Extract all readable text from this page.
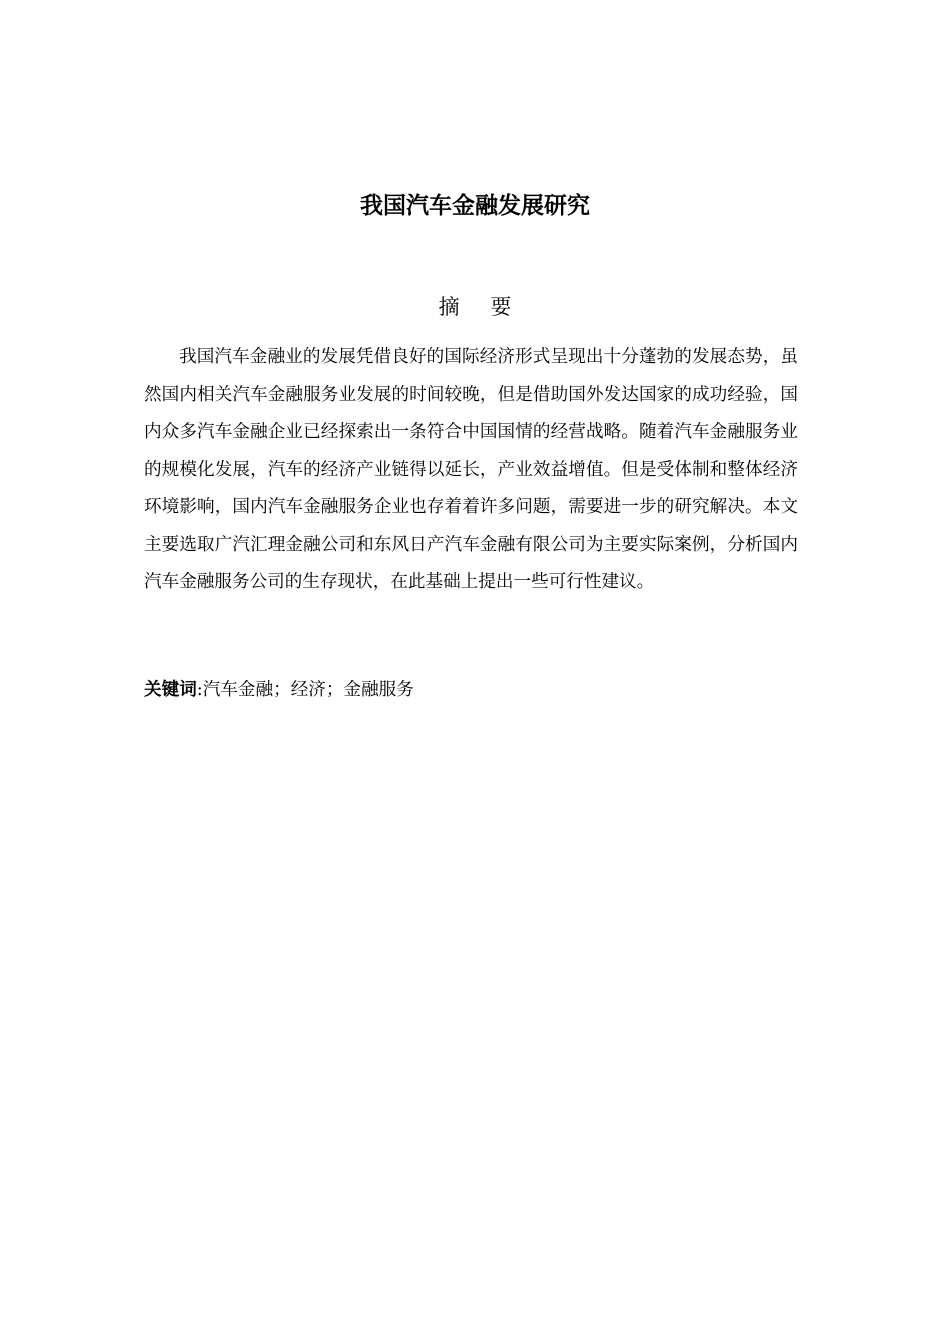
我国汽车金融发展研究
摘 要

我国汽车金融业的发展凭借良好的国际经济形式呈现出十分蓬勃的发展态势，虽然国内相关汽车金融服务业发展的时间较晚，但是借助国外发达国家的成功经验，国内众多汽车金融企业已经探索出一条符合中国国情的经营战略。随着汽车金融服务业的规模化发展，汽车的经济产业链得以延长，产业效益增值。但是受体制和整体经济环境影响，国内汽车金融服务企业也存着着许多问题，需要进一步的研究解决。本文主要选取广汽汇理金融公司和东风日产汽车金融有限公司为主要实际案例，分析国内汽车金融服务公司的生存现状，在此基础上提出一些可行性建议。

关键词:汽车金融；经济；金融服务
